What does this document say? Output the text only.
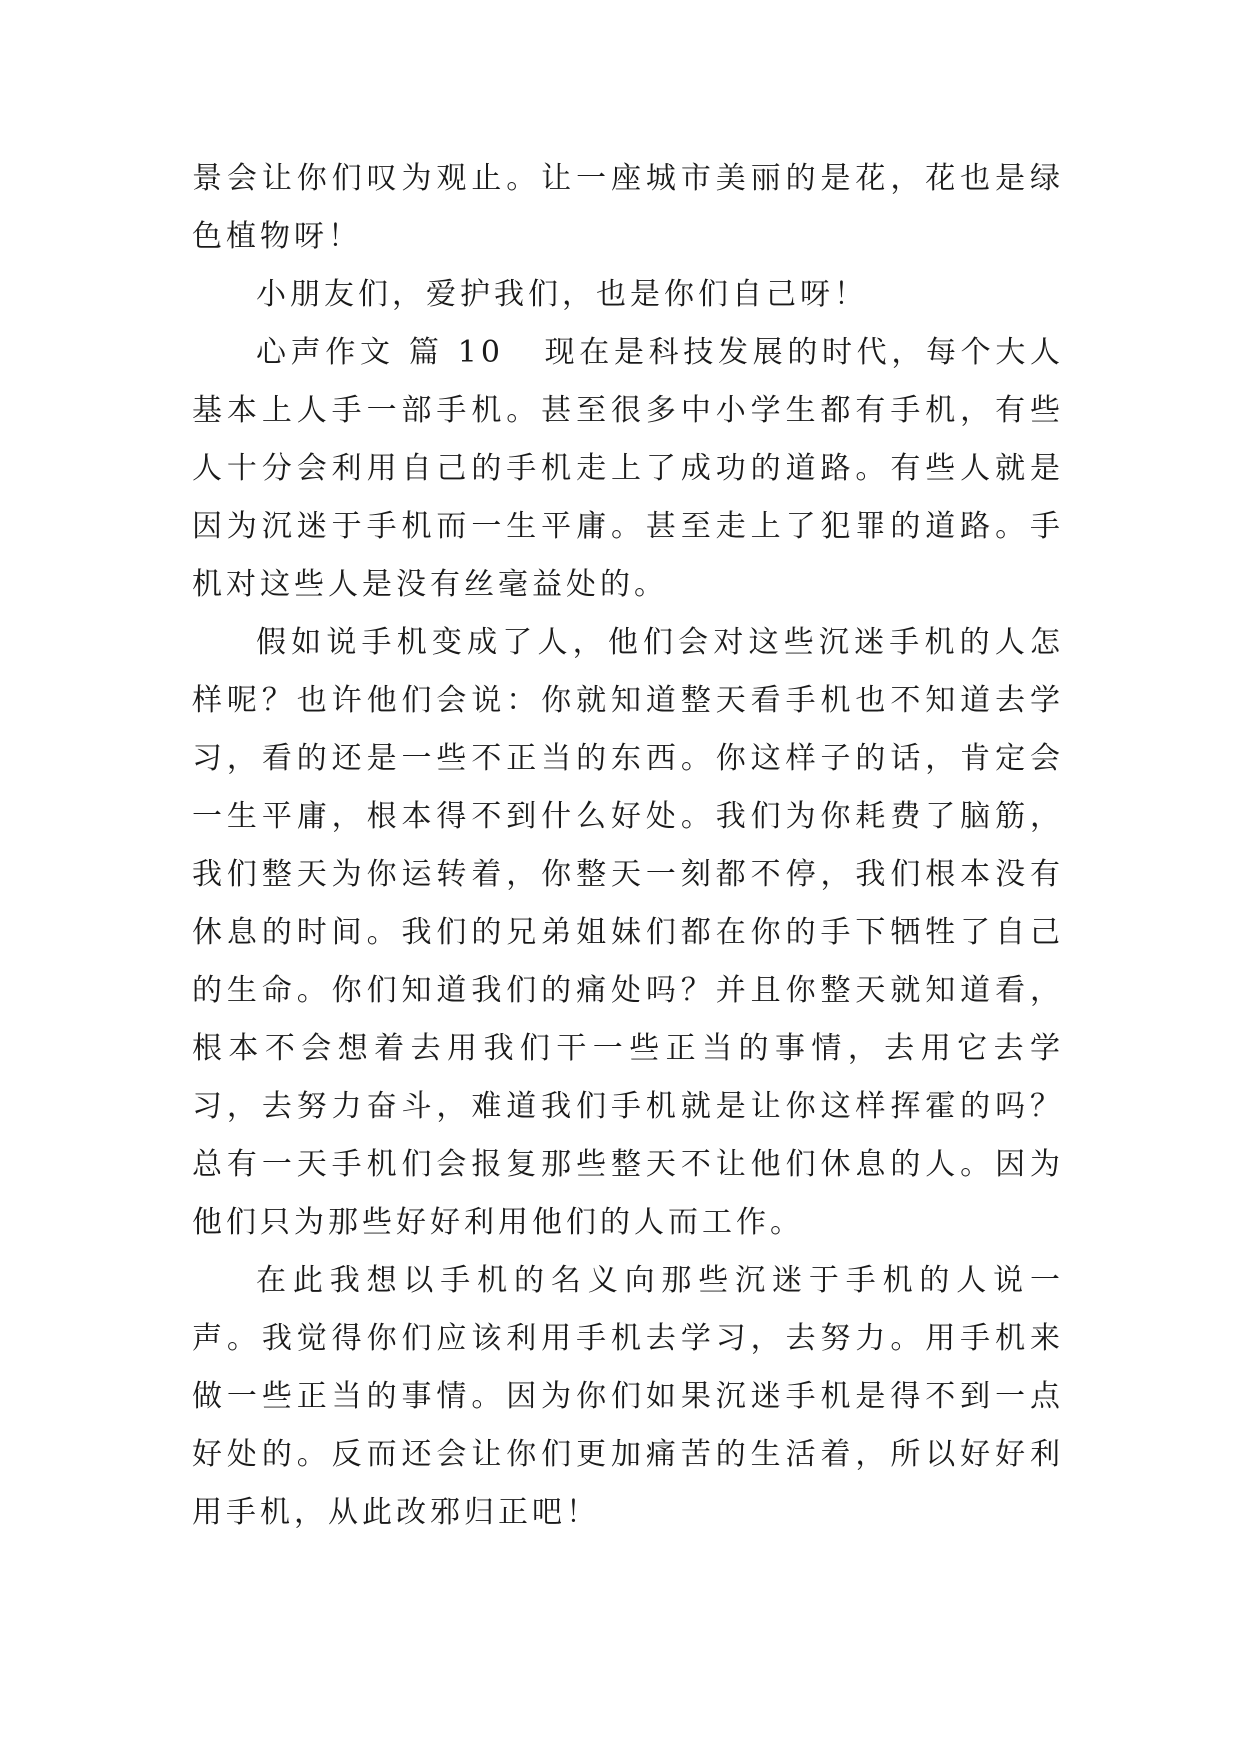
景会让你们叹为观止。让一座城市美丽的是花，花也是绿色植物呀！

小朋友们，爱护我们，也是你们自己呀！

心声作文 篇 10 现在是科技发展的时代，每个大人基本上人手一部手机。甚至很多中小学生都有手机，有些人十分会利用自己的手机走上了成功的道路。有些人就是因为沉迷于手机而一生平庸。甚至走上了犯罪的道路。手机对这些人是没有丝毫益处的。

假如说手机变成了人，他们会对这些沉迷手机的人怎样呢？也许他们会说：你就知道整天看手机也不知道去学习，看的还是一些不正当的东西。你这样子的话，肯定会一生平庸，根本得不到什么好处。我们为你耗费了脑筋，我们整天为你运转着，你整天一刻都不停，我们根本没有休息的时间。我们的兄弟姐妹们都在你的手下牺牲了自己的生命。你们知道我们的痛处吗？并且你整天就知道看，根本不会想着去用我们干一些正当的事情，去用它去学习，去努力奋斗，难道我们手机就是让你这样挥霍的吗？总有一天手机们会报复那些整天不让他们休息的人。因为他们只为那些好好利用他们的人而工作。

在此我想以手机的名义向那些沉迷于手机的人说一声。我觉得你们应该利用手机去学习，去努力。用手机来做一些正当的事情。因为你们如果沉迷手机是得不到一点好处的。反而还会让你们更加痛苦的生活着，所以好好利用手机，从此改邪归正吧！
